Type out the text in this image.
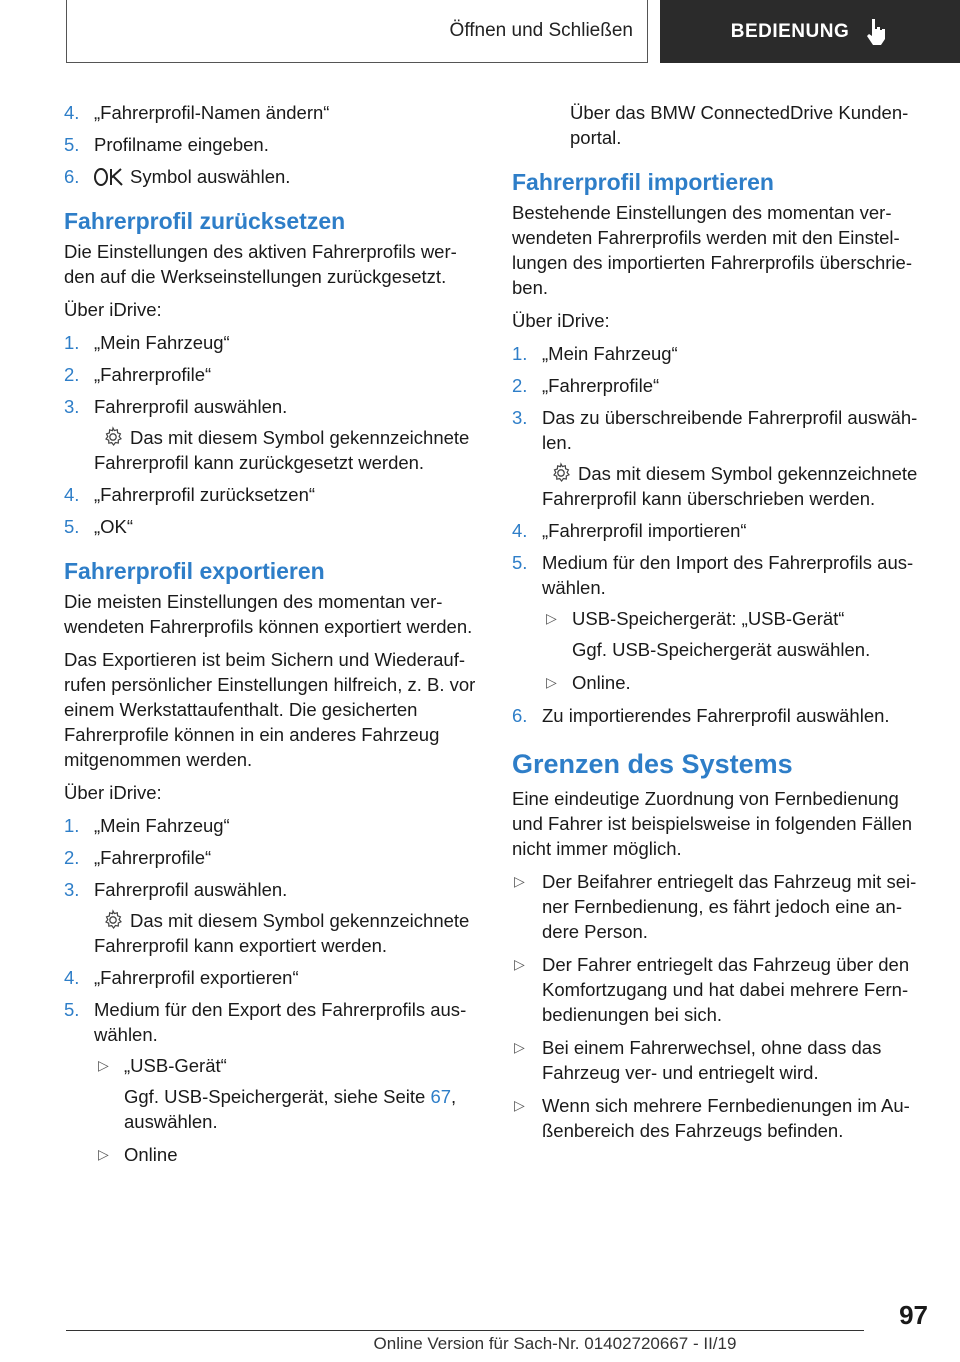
Öffnen und Schließen	BEDIENUNG
4. „Fahrerprofil-Namen ändern“
5. Profilname eingeben.
6.	Symbol auswählen.
Fahrerprofil zurücksetzen

Die Einstellungen des aktiven Fahrerprofils werden auf die Werkseinstellungen zurückgesetzt.

Über iDrive:

1. „Mein Fahrzeug“
2. „Fahrerprofile“
3. Fahrerprofil auswählen.
Das mit diesem Symbol gekennzeichnete Fahrerprofil kann zurückgesetzt werden.
4. „Fahrerprofil zurücksetzen“
5. „OK“
Fahrerprofil exportieren

Die meisten Einstellungen des momentan verwendeten Fahrerprofils können exportiert werden.

Das Exportieren ist beim Sichern und Wiederaufrufen persönlicher Einstellungen hilfreich, z. B. vor einem Werkstattaufenthalt. Die gesicherten Fahrerprofile können in ein anderes Fahrzeug mitgenommen werden.

Über iDrive:

1. „Mein Fahrzeug“
2. „Fahrerprofile“
3. Fahrerprofil auswählen.
Das mit diesem Symbol gekennzeichnete Fahrerprofil kann exportiert werden.
4. „Fahrerprofil exportieren“
5. Medium für den Export des Fahrerprofils auswählen.
▷ „USB-Gerät“
Ggf. USB-Speichergerät, siehe Seite 67, auswählen.
▷ Online

Über das BMW ConnectedDrive Kundenportal.

Fahrerprofil importieren

Bestehende Einstellungen des momentan verwendeten Fahrerprofils werden mit den Einstellungen des importierten Fahrerprofils überschrieben.

Über iDrive:

1. „Mein Fahrzeug“
2. „Fahrerprofile“
3. Das zu überschreibende Fahrerprofil auswählen.
Das mit diesem Symbol gekennzeichnete Fahrerprofil kann überschrieben werden.
4. „Fahrerprofil importieren“
5. Medium für den Import des Fahrerprofils auswählen.
▷ USB-Speichergerät: „USB-Gerät“
Ggf. USB-Speichergerät auswählen.
▷ Online.
6. Zu importierendes Fahrerprofil auswählen.
Grenzen des Systems

Eine eindeutige Zuordnung von Fernbedienung und Fahrer ist beispielsweise in folgenden Fällen nicht immer möglich.

▷ Der Beifahrer entriegelt das Fahrzeug mit seiner Fernbedienung, es fährt jedoch eine andere Person.
▷ Der Fahrer entriegelt das Fahrzeug über den Komfortzugang und hat dabei mehrere Fernbedienungen bei sich.
▷ Bei einem Fahrerwechsel, ohne dass das Fahrzeug ver- und entriegelt wird.
▷ Wenn sich mehrere Fernbedienungen im Außenbereich des Fahrzeugs befinden.
97
Online Version für Sach-Nr. 01402720667 - II/19
